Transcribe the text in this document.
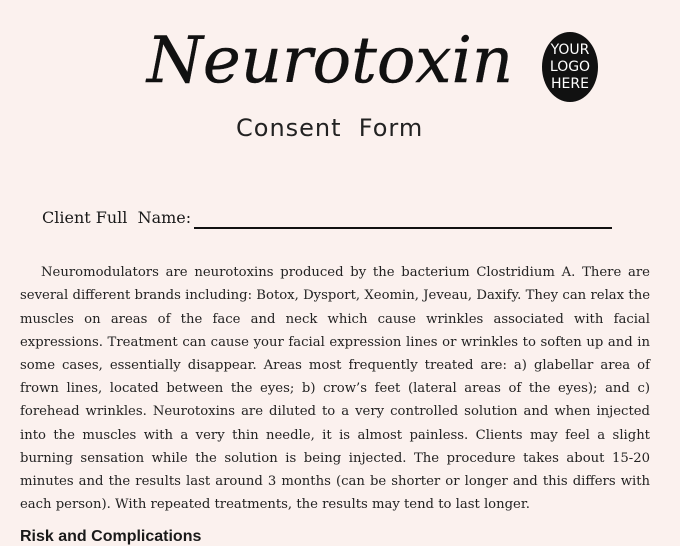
Neurotoxin
Consent  Form
YOUR
LOGO
HERE
Client Full  Name:

Neuromodulators are neurotoxins produced by the bacterium Clostridium A. There are several different brands including: Botox, Dysport, Xeomin, Jeveau, Daxify. They can relax the muscles on areas of the face and neck which cause wrinkles associated with facial expressions. Treatment can cause your facial expression lines or wrinkles to soften up and in some cases, essentially disappear. Areas most frequently treated are: a) glabellar area of frown lines, located between the eyes; b) crow’s feet (lateral areas of the eyes); and c) forehead wrinkles. Neurotoxins are diluted to a very controlled solution and when injected into the muscles with a very thin needle, it is almost painless. Clients may feel a slight burning sensation while the solution is being injected. The procedure takes about 15-20 minutes and the results last around 3 months (can be shorter or longer and this differs with each person). With repeated treatments, the results may tend to last longer.

Risk and Complications
